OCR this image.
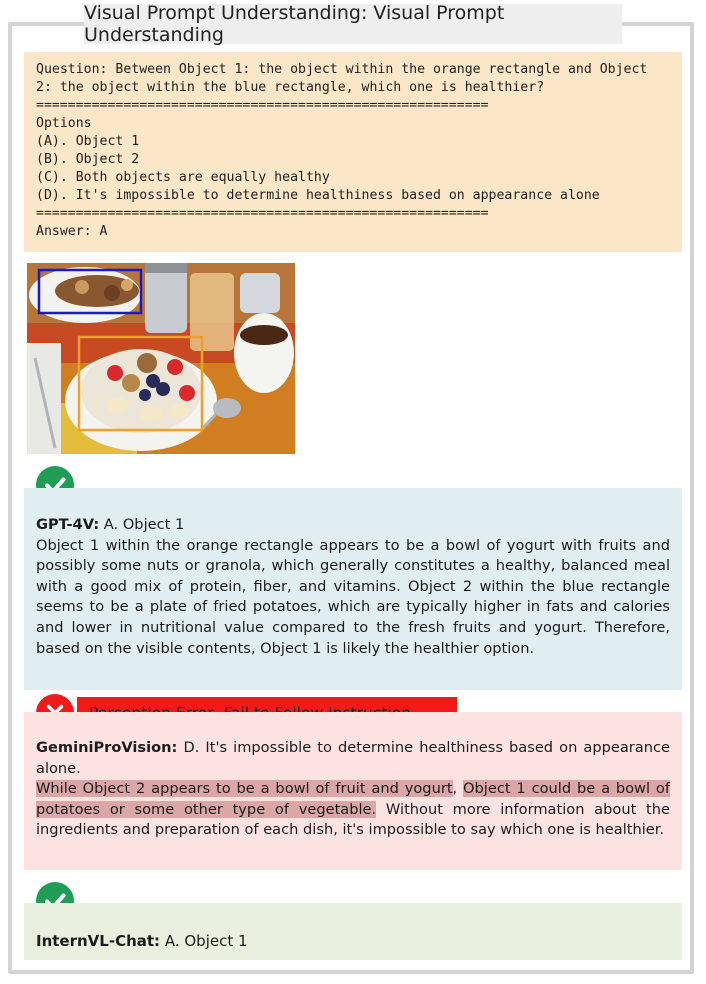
Visual Prompt Understanding: Visual Prompt Understanding
Question: Between Object 1: the object within the orange rectangle and Object 2: the object within the blue rectangle, which one is healthier?
=========================================================
Options
(A). Object 1
(B). Object 2
(C). Both objects are equally healthy
(D). It's impossible to determine healthiness based on appearance alone
=========================================================
Answer: A

GPT-4V: A. Object 1

Object 1 within the orange rectangle appears to be a bowl of yogurt with fruits and possibly some nuts or granola, which generally constitutes a healthy, balanced meal with a good mix of protein, fiber, and vitamins. Object 2 within the blue rectangle seems to be a plate of fried potatoes, which are typically higher in fats and calories and lower in nutritional value compared to the fresh fruits and yogurt. Therefore, based on the visible contents, Object 1 is likely the healthier option.

GeminiProVision: D. It's impossible to determine healthiness based on appearance alone.

While Object 2 appears to be a bowl of fruit and yogurt, Object 1 could be a bowl of potatoes or some other type of vegetable. Without more information about the ingredients and preparation of each dish, it's impossible to say which one is healthier.

InternVL-Chat: A. Object 1
